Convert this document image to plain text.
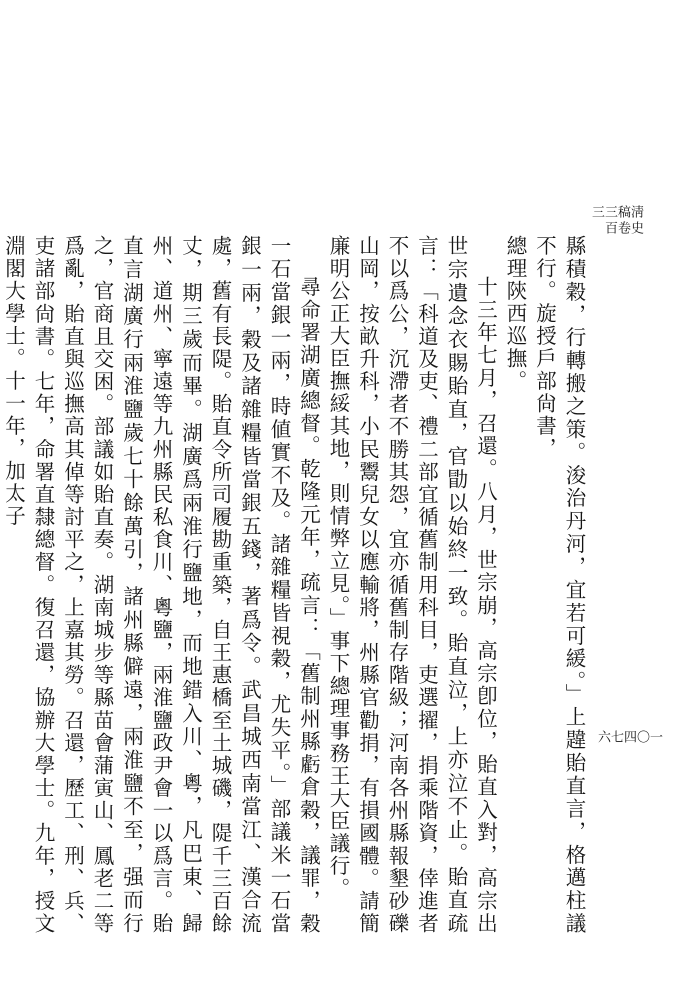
淸史稿卷三百三
一〇四七六

縣積穀，行轉搬之策。浚治丹河，宜若可緩。」上韙貽直言，格邁柱議不行。旋授戶部尙書，

總理陝西巡撫。

十三年七月，召還。八月，世宗崩，高宗卽位，貽直入對，高宗出世宗遺念衣賜貽直，官勖以始終一致。貽直泣，上亦泣不止。貽直疏言：「科道及吏、禮二部宜循舊制用科目，吏選擢，捐乘階資，倖進者不以爲公，沉滯者不勝其怨，宜亦循舊制存階級；河南各州縣報墾砂礫山岡，按畝升科，小民鬻兒女以應輸將，州縣官勸捐，有損國體。請簡廉明公正大臣撫綏其地，則情弊立見。」事下總理事務王大臣議行。

尋命署湖廣總督。乾隆元年，疏言：「舊制州縣虧倉穀，議罪，穀一石當銀一兩，時値實不及。諸雜糧皆視穀，尤失平。」部議米一石當銀一兩，穀及諸雜糧皆當銀五錢，著爲令。武昌城西南當江、漢合流處，舊有長隄。貽直令所司履勘重築，自王惠橋至土城磯，隄千三百餘丈，期三歲而畢。湖廣爲兩淮行鹽地，而地錯入川、粵，凡巴東、歸州、道州、寧遠等九州縣民私食川、粵鹽，兩淮鹽政尹會一以爲言。貽直言湖廣行兩淮鹽歲七十餘萬引，諸州縣僻遠，兩淮鹽不至，强而行之，官商且交困。部議如貽直奏。湖南城步等縣苗會蒲寅山、鳳老二等爲亂，貽直與巡撫高其倬等討平之，上嘉其勞。召還，歷工、刑、兵、吏諸部尙書。七年，命署直隸總督。復召還，協辦大學士。九年，授文淵閣大學士。十一年，加太子
